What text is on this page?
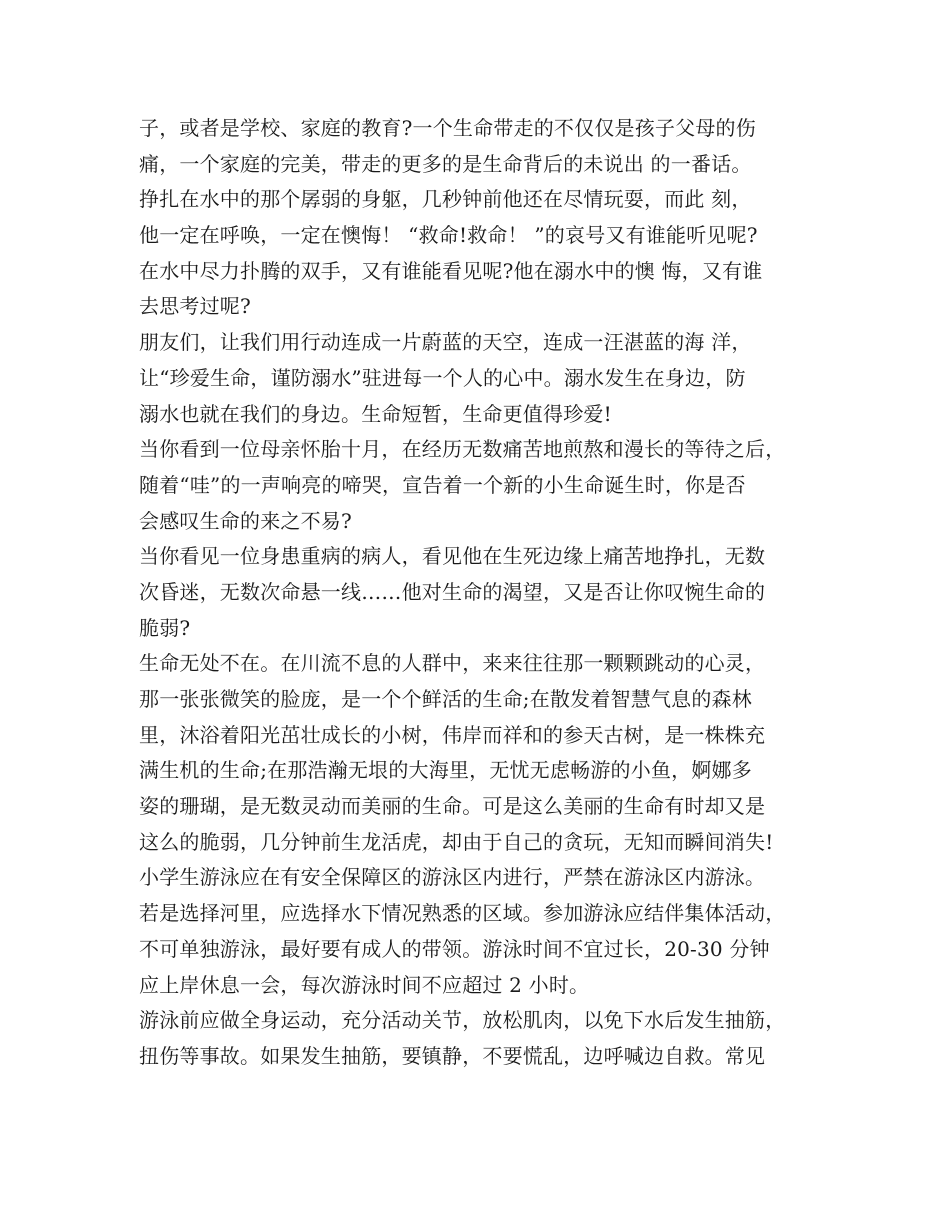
子，或者是学校、家庭的教育?一个生命带走的不仅仅是孩子父母的伤
痛，一个家庭的完美，带走的更多的是生命背后的未说出 的一番话。
挣扎在水中的那个孱弱的身躯，几秒钟前他还在尽情玩耍，而此 刻，
他一定在呼唤，一定在懊悔！ “救命!救命！ ”的哀号又有谁能听见呢?
在水中尽力扑腾的双手，又有谁能看见呢?他在溺水中的懊 悔，又有谁
去思考过呢?
朋友们，让我们用行动连成一片蔚蓝的天空，连成一汪湛蓝的海 洋，
让“珍爱生命，谨防溺水”驻进每一个人的心中。溺水发生在身边，防
溺水也就在我们的身边。生命短暂，生命更值得珍爱!
当你看到一位母亲怀胎十月，在经历无数痛苦地煎熬和漫长的等待之后，
随着“哇”的一声响亮的啼哭，宣告着一个新的小生命诞生时，你是否
会感叹生命的来之不易?
当你看见一位身患重病的病人，看见他在生死边缘上痛苦地挣扎，无数
次昏迷，无数次命悬一线……他对生命的渴望，又是否让你叹惋生命的
脆弱?
生命无处不在。在川流不息的人群中，来来往往那一颗颗跳动的心灵，
那一张张微笑的脸庞，是一个个鲜活的生命;在散发着智慧气息的森林
里，沐浴着阳光茁壮成长的小树，伟岸而祥和的参天古树，是一株株充
满生机的生命;在那浩瀚无垠的大海里，无忧无虑畅游的小鱼，婀娜多
姿的珊瑚，是无数灵动而美丽的生命。可是这么美丽的生命有时却又是
这么的脆弱，几分钟前生龙活虎，却由于自己的贪玩，无知而瞬间消失!
小学生游泳应在有安全保障区的游泳区内进行，严禁在游泳区内游泳。
若是选择河里，应选择水下情况熟悉的区域。参加游泳应结伴集体活动，
不可单独游泳，最好要有成人的带领。游泳时间不宜过长，20-30 分钟
应上岸休息一会，每次游泳时间不应超过 2 小时。
游泳前应做全身运动，充分活动关节，放松肌肉，以免下水后发生抽筋，
扭伤等事故。如果发生抽筋，要镇静，不要慌乱，边呼喊边自救。常见
